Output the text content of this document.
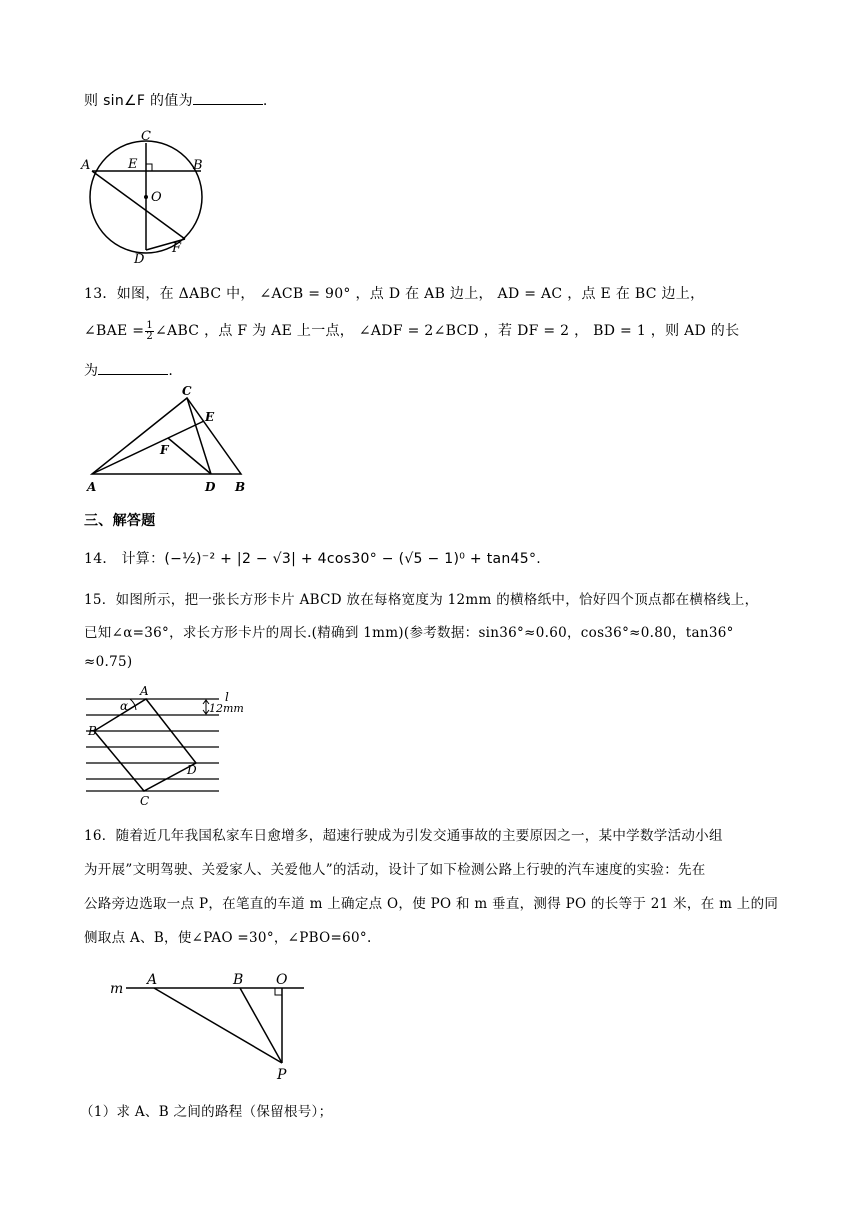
则 sin∠F 的值为	.
C
A	E	B
O
D
F
13．如图，在 ΔABC 中， ∠ACB = 90° ，点 D 在 AB 边上， AD = AC ，点 E 在 BC 边上，
∠BAE = $\frac{1}{2}$ ∠ABC ，点 F 为 AE 上一点， ∠ADF = 2∠BCD ，若 DF = 2 ， BD = 1 ，则 AD 的长
为	.
C
E
F
A	D B
三、解答题
14． 计算：(−½)⁻² + |2 − √3| + 4cos30° − (√5 − 1)⁰ + tan45°.
15．如图所示，把一张长方形卡片 ABCD 放在每格宽度为 12mm 的横格纸中，恰好四个顶点都在横格线上，
已知∠α=36°，求长方形卡片的周长.(精确到 1mm)(参考数据：sin36°≈0.60，cos36°≈0.80，tan36°
≈0.75)
A
α
l
12mm
B
D
C
16．随着近几年我国私家车日愈增多，超速行驶成为引发交通事故的主要原因之一，某中学数学活动小组
为开展”文明驾驶、关爱家人、关爱他人”的活动，设计了如下检测公路上行驶的汽车速度的实验：先在
公路旁边选取一点 P，在笔直的车道 m 上确定点 O，使 PO 和 m 垂直，测得 PO 的长等于 21 米，在 m 上的同
侧取点 A、B，使∠PAO =30°，∠PBO=60°.
m
A	B O
P
（1）求 A、B 之间的路程（保留根号）；
